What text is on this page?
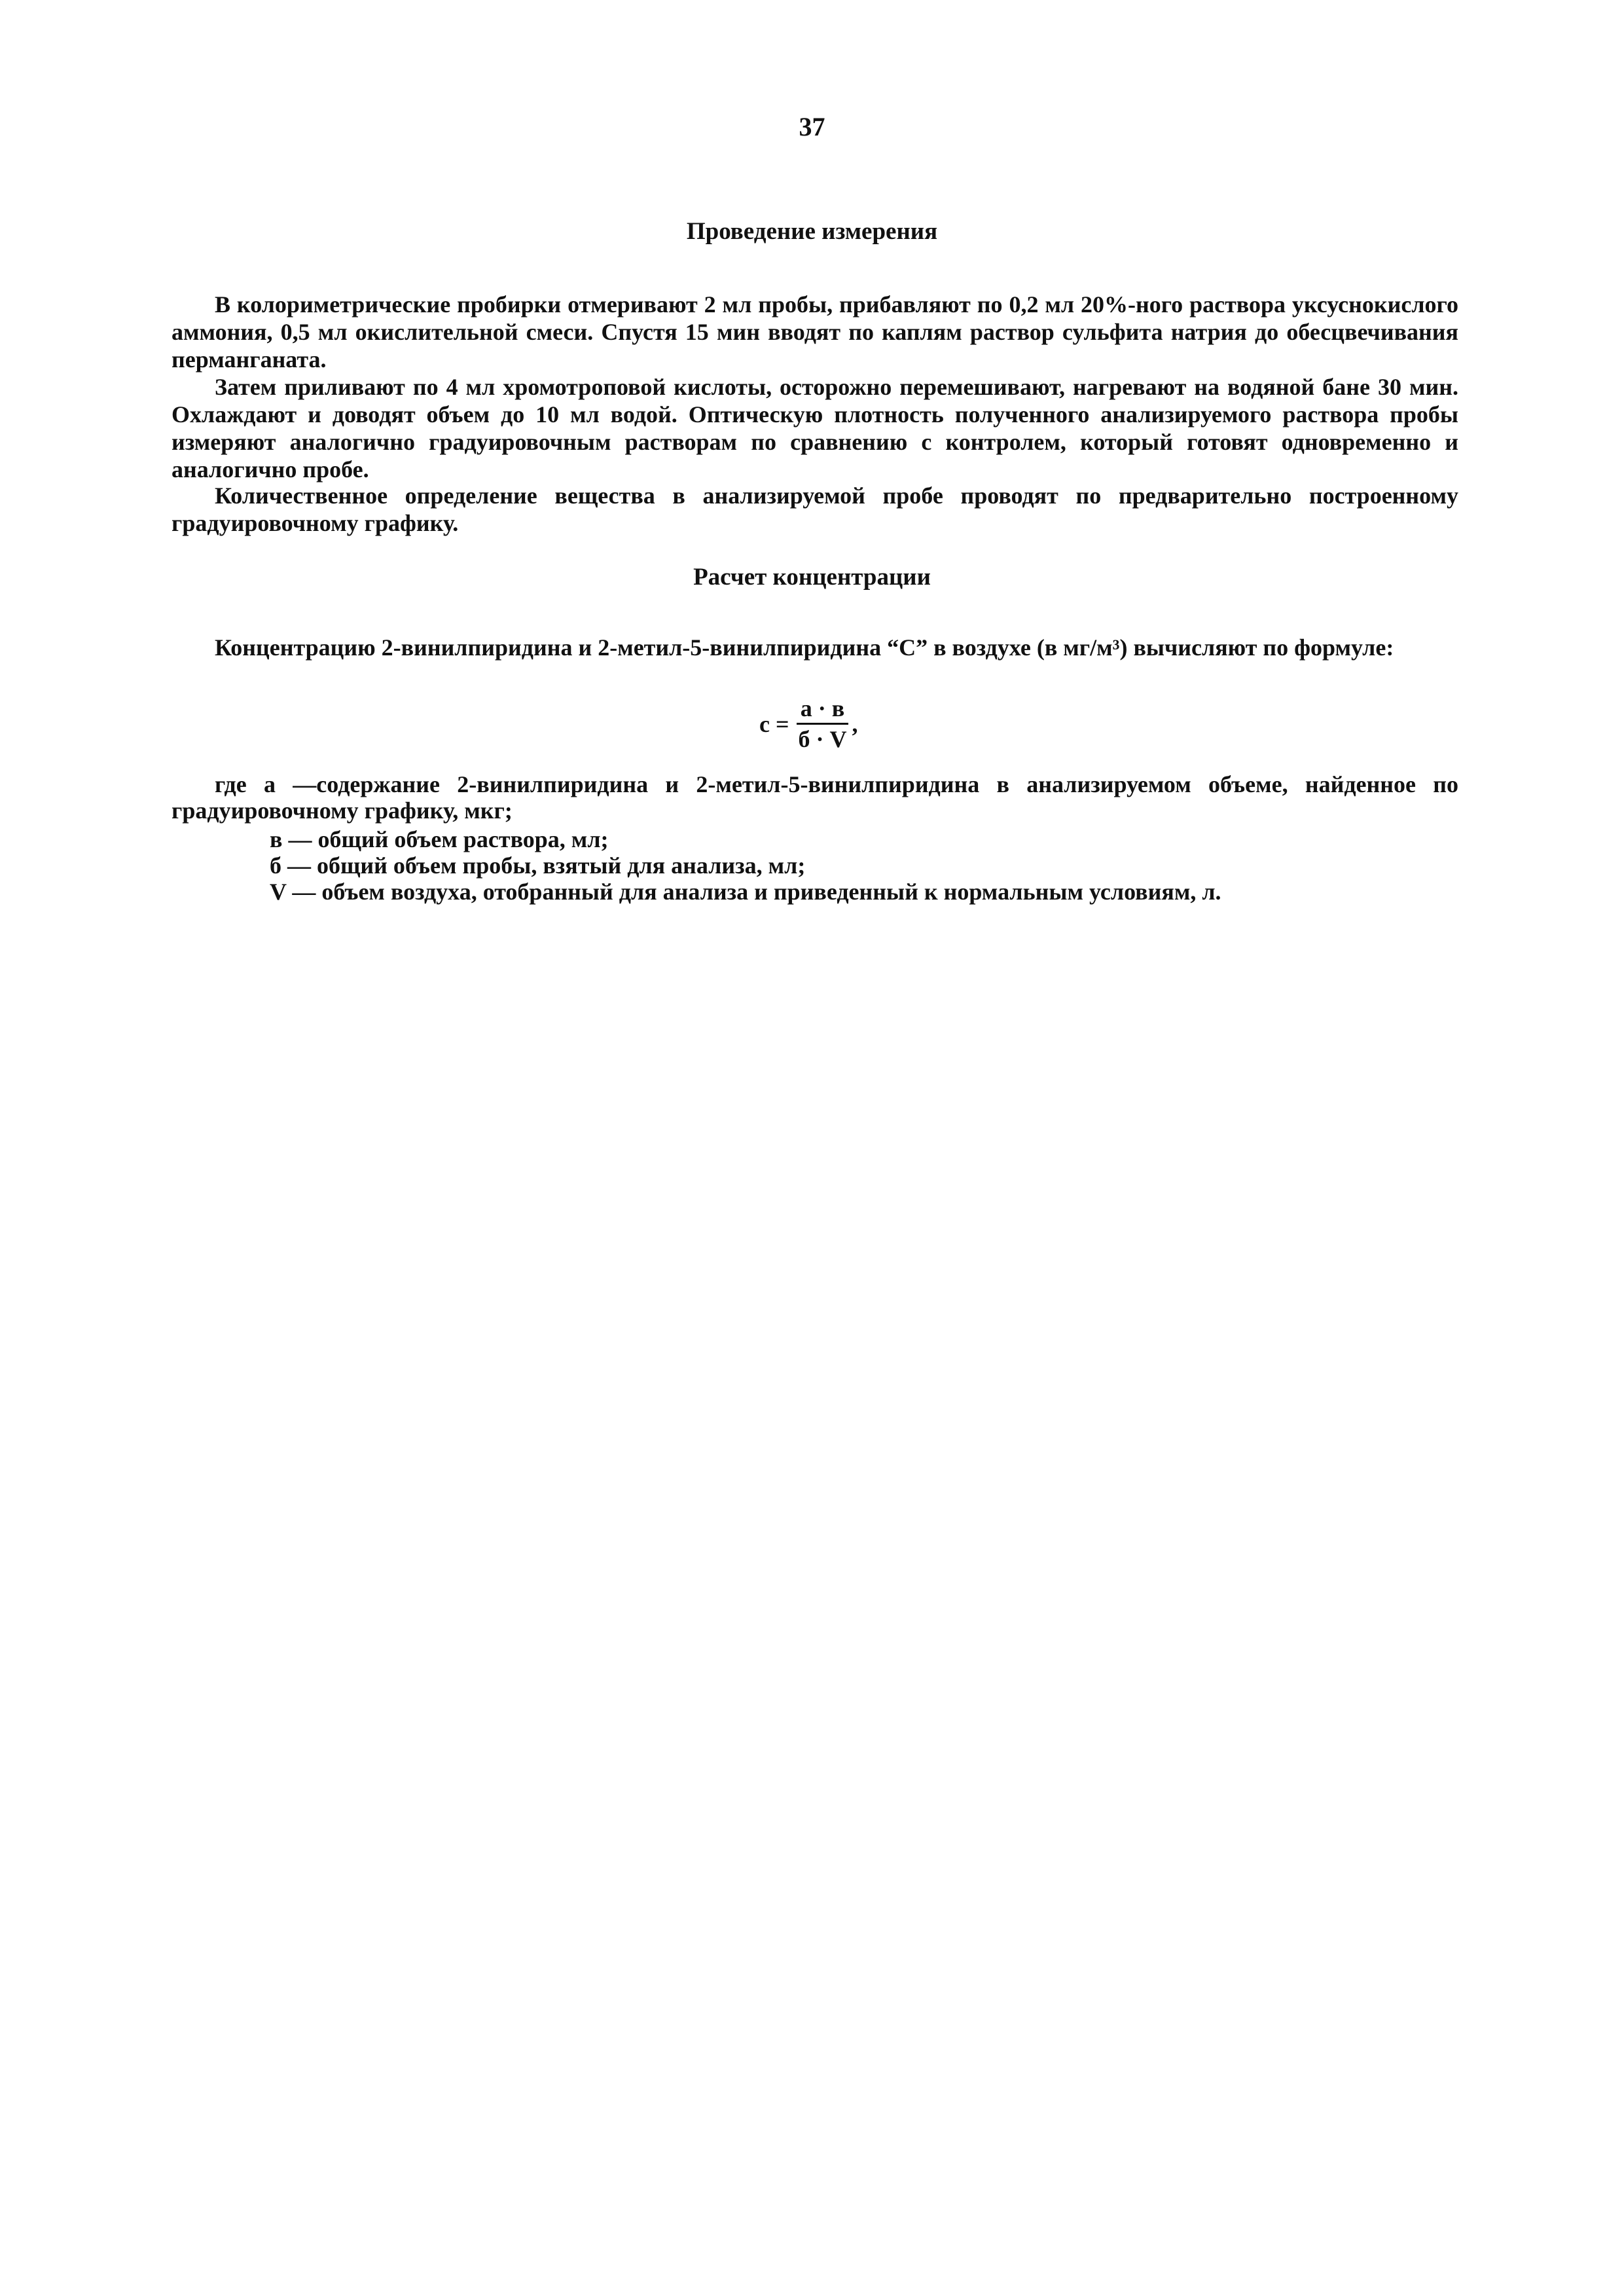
37
Проведение измерения

В колориметрические пробирки отмеривают 2 мл пробы, прибавляют по 0,2 мл 20%-ного раствора уксуснокислого аммония, 0,5 мл окислительной смеси. Спустя 15 мин вводят по каплям раствор сульфита натрия до обесцвечивания перманганата.

Затем приливают по 4 мл хромотроповой кислоты, осторожно перемешивают, нагревают на водяной бане 30 мин. Охлаждают и доводят объем до 10 мл водой. Оптическую плотность полученного анализируемого раствора пробы измеряют аналогично градуировочным растворам по сравнению с контролем, который готовят одновременно и аналогично пробе.

Количественное определение вещества в анализируемой пробе проводят по предварительно построенному градуировочному графику.

Расчет концентрации

Концентрацию 2-винилпиридина и 2-метил-5-винилпиридина “С” в воздухе (в мг/м³) вычисляют по формуле:

$с = \frac{а \cdot в}{б \cdot V}$ ,
где а —содержание 2-винилпиридина и 2-метил-5-винилпиридина в анализируемом объеме, найденное по градуировочному графику, мкг;
в — общий объем раствора, мл;
б — общий объем пробы, взятый для анализа, мл;
V — объем воздуха, отобранный для анализа и приведенный к нормальным условиям, л.
